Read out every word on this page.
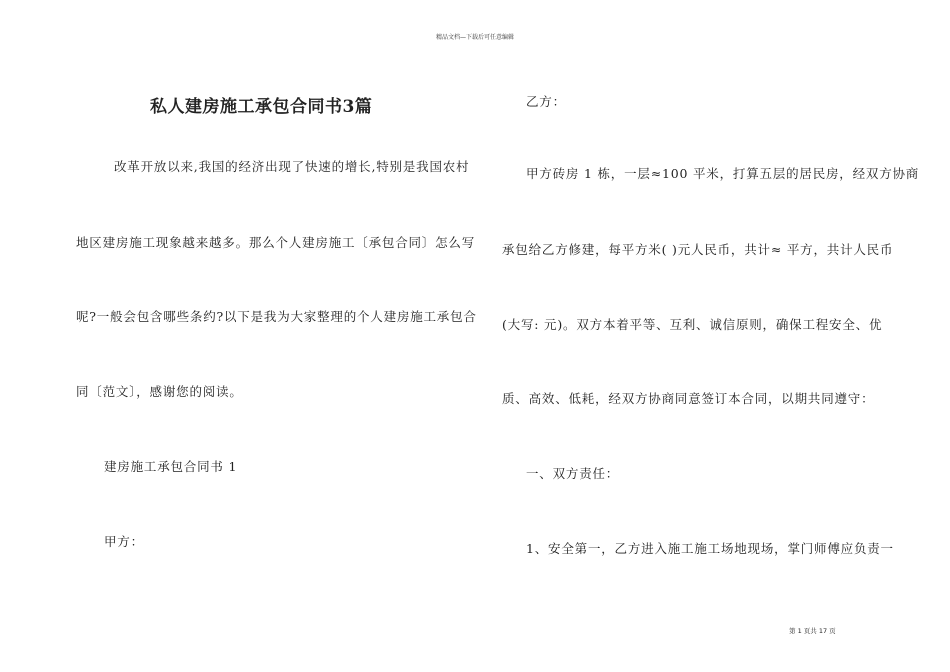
精品文档—下载后可任意编辑
私人建房施工承包合同书3篇
改革开放以来,我国的经济出现了快速的增长,特别是我国农村
地区建房施工现象越来越多。那么个人建房施工〔承包合同〕怎么写
呢?一般会包含哪些条约?以下是我为大家整理的个人建房施工承包合
同〔范文〕，感谢您的阅读。
建房施工承包合同书 1
甲方：
乙方：
甲方砖房 1 栋，一层≈100 平米，打算五层的居民房，经双方协商
承包给乙方修建，每平方米( )元人民币，共计≈ 平方，共计人民币
(大写: 元)。双方本着平等、互利、诚信原则，确保工程安全、优
质、高效、低耗，经双方协商同意签订本合同，以期共同遵守：
一、双方责任：
1、安全第一，乙方进入施工施工场地现场，掌门师傅应负责一
第 1 页共 17 页
